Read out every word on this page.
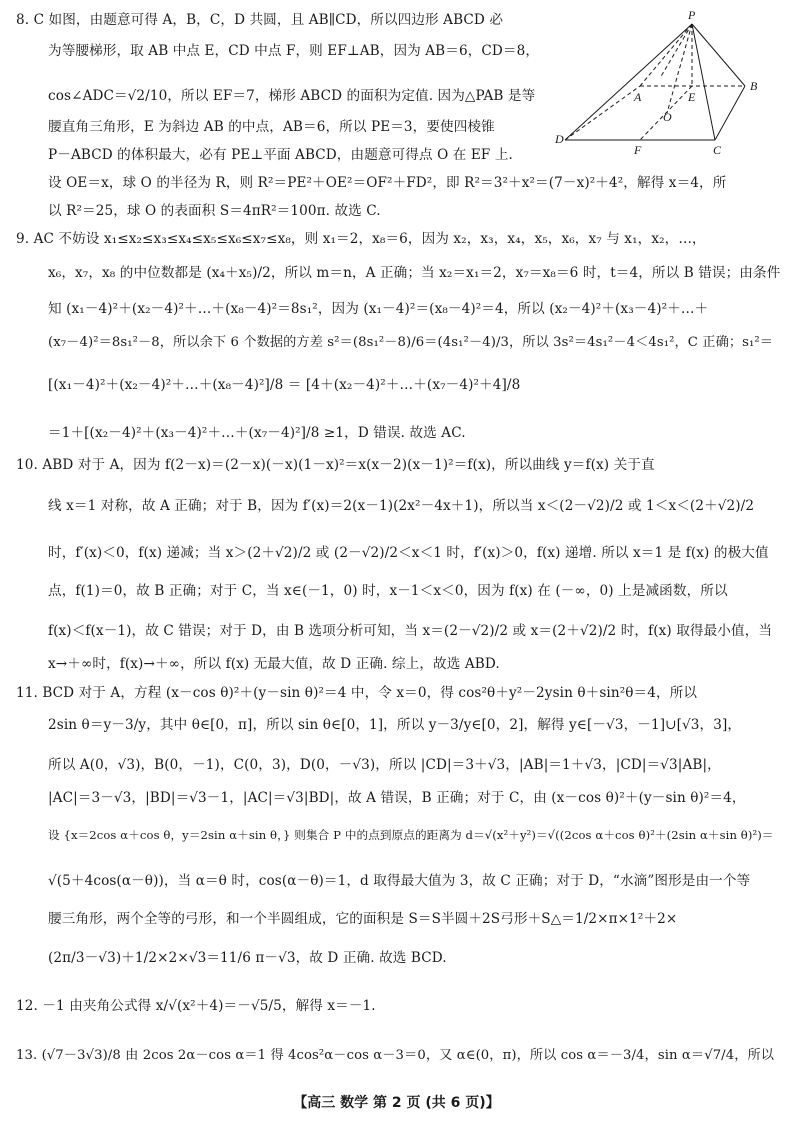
8. C 如图，由题意可得 A，B，C，D 共圆，且 AB∥CD，所以四边形 ABCD 必
为等腰梯形，取 AB 中点 E，CD 中点 F，则 EF⊥AB，因为 AB＝6，CD＝8，
cos∠ADC＝√2/10，所以 EF＝7，梯形 ABCD 的面积为定值. 因为△PAB 是等
腰直角三角形，E 为斜边 AB 的中点，AB＝6，所以 PE＝3，要使四棱锥
P－ABCD 的体积最大，必有 PE⊥平面 ABCD，由题意可得点 O 在 EF 上.
设 OE＝x，球 O 的半径为 R，则 R²＝PE²＋OE²＝OF²＋FD²，即 R²＝3²＋x²＝(7－x)²＋4²，解得 x＝4，所
以 R²＝25，球 O 的表面积 S＝4πR²＝100π. 故选 C.
P
A	E
B
O
D
F	C
9. AC 不妨设 x₁≤x₂≤x₃≤x₄≤x₅≤x₆≤x₇≤x₈，则 x₁＝2，x₈＝6，因为 x₂，x₃，x₄，x₅，x₆，x₇ 与 x₁，x₂，…，
x₆，x₇，x₈ 的中位数都是 (x₄＋x₅)/2，所以 m＝n，A 正确；当 x₂＝x₁＝2，x₇＝x₈＝6 时，t＝4，所以 B 错误；由条件
知 (x₁－4)²＋(x₂－4)²＋…＋(x₈－4)²＝8s₁²，因为 (x₁－4)²＝(x₈－4)²＝4，所以 (x₂－4)²＋(x₃－4)²＋…＋
(x₇－4)²＝8s₁²－8，所以余下 6 个数据的方差 s²＝(8s₁²－8)/6＝(4s₁²－4)/3，所以 3s²＝4s₁²－4＜4s₁²，C 正确；s₁²＝
[(x₁－4)²＋(x₂－4)²＋…＋(x₈－4)²]/8 ＝ [4＋(x₂－4)²＋…＋(x₇－4)²＋4]/8
＝1＋[(x₂－4)²＋(x₃－4)²＋…＋(x₇－4)²]/8 ≥1，D 错误. 故选 AC.
10. ABD 对于 A，因为 f(2－x)＝(2－x)(－x)(1－x)²＝x(x－2)(x－1)²＝f(x)，所以曲线 y＝f(x) 关于直
线 x＝1 对称，故 A 正确；对于 B，因为 f′(x)＝2(x－1)(2x²－4x＋1)，所以当 x＜(2－√2)/2 或 1＜x＜(2＋√2)/2
时，f′(x)＜0，f(x) 递减；当 x＞(2＋√2)/2 或 (2－√2)/2＜x＜1 时，f′(x)＞0，f(x) 递增. 所以 x＝1 是 f(x) 的极大值
点，f(1)＝0，故 B 正确；对于 C，当 x∈(－1，0) 时，x－1＜x＜0，因为 f(x) 在 (－∞，0) 上是减函数，所以
f(x)＜f(x－1)，故 C 错误；对于 D，由 B 选项分析可知，当 x＝(2－√2)/2 或 x＝(2＋√2)/2 时，f(x) 取得最小值，当
x→＋∞时，f(x)→＋∞，所以 f(x) 无最大值，故 D 正确. 综上，故选 ABD.
11. BCD 对于 A，方程 (x－cos θ)²＋(y－sin θ)²＝4 中，令 x＝0，得 cos²θ＋y²－2ysin θ＋sin²θ＝4，所以
2sin θ＝y－3/y，其中 θ∈[0，π]，所以 sin θ∈[0，1]，所以 y－3/y∈[0，2]，解得 y∈[－√3，－1]∪[√3，3]，
所以 A(0，√3)，B(0，－1)，C(0，3)，D(0，－√3)，所以 |CD|＝3＋√3，|AB|＝1＋√3，|CD|＝√3|AB|，
|AC|＝3－√3，|BD|＝√3－1，|AC|＝√3|BD|，故 A 错误，B 正确；对于 C，由 (x－cos θ)²＋(y－sin θ)²＝4，
设 {x＝2cos α＋cos θ，y＝2sin α＋sin θ，} 则集合 P 中的点到原点的距离为 d＝√(x²＋y²)＝√((2cos α＋cos θ)²＋(2sin α＋sin θ)²)＝
√(5＋4cos(α－θ))，当 α＝θ 时，cos(α－θ)＝1，d 取得最大值为 3，故 C 正确；对于 D，“水滴”图形是由一个等
腰三角形，两个全等的弓形，和一个半圆组成，它的面积是 S＝S半圆＋2S弓形＋S△＝1/2×π×1²＋2×
(2π/3－√3)＋1/2×2×√3＝11/6 π－√3，故 D 正确. 故选 BCD.
12. －1 由夹角公式得 x/√(x²＋4)＝－√5/5，解得 x＝－1.
13. (√7－3√3)/8 由 2cos 2α－cos α＝1 得 4cos²α－cos α－3＝0，又 α∈(0，π)，所以 cos α＝－3/4，sin α＝√7/4，所以
【高三 数学 第 2 页 (共 6 页)】
